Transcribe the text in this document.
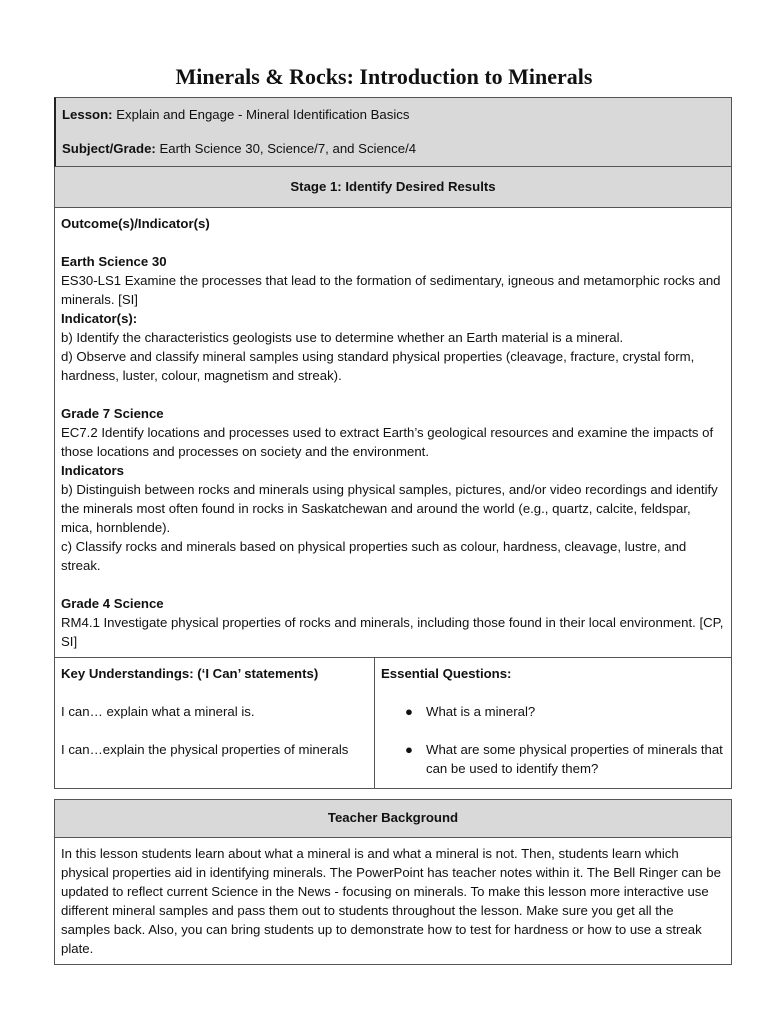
Minerals & Rocks: Introduction to Minerals
Lesson: Explain and Engage - Mineral Identification Basics
Subject/Grade: Earth Science 30, Science/7, and Science/4
Stage 1: Identify Desired Results

Outcome(s)/Indicator(s)

Earth Science 30

ES30-LS1 Examine the processes that lead to the formation of sedimentary, igneous and metamorphic rocks and minerals. [SI]

Indicator(s):

b) Identify the characteristics geologists use to determine whether an Earth material is a mineral.

d) Observe and classify mineral samples using standard physical properties (cleavage, fracture, crystal form, hardness, luster, colour, magnetism and streak).

Grade 7 Science

EC7.2 Identify locations and processes used to extract Earth’s geological resources and examine the impacts of those locations and processes on society and the environment.

Indicators

b) Distinguish between rocks and minerals using physical samples, pictures, and/or video recordings and identify the minerals most often found in rocks in Saskatchewan and around the world (e.g., quartz, calcite, feldspar, mica, hornblende).

c) Classify rocks and minerals based on physical properties such as colour, hardness, cleavage, lustre, and streak.

Grade 4 Science

RM4.1 Investigate physical properties of rocks and minerals, including those found in their local environment. [CP, SI]

Key Understandings: (‘I Can’ statements)

I can… explain what a mineral is.

I can…explain the physical properties of minerals

Essential Questions:

● What is a mineral?
● What are some physical properties of minerals that can be used to identify them?
Teacher Background

In this lesson students learn about what a mineral is and what a mineral is not. Then, students learn which physical properties aid in identifying minerals. The PowerPoint has teacher notes within it. The Bell Ringer can be updated to reflect current Science in the News - focusing on minerals. To make this lesson more interactive use different mineral samples and pass them out to students throughout the lesson. Make sure you get all the samples back. Also, you can bring students up to demonstrate how to test for hardness or how to use a streak plate.
